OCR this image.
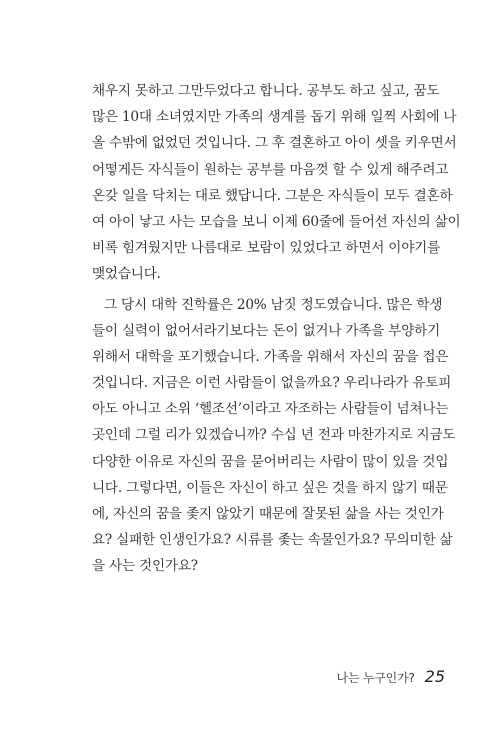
채우지 못하고 그만두었다고 합니다. 공부도 하고 싶고, 꿈도
많은 10대 소녀였지만 가족의 생계를 돕기 위해 일찍 사회에 나
올 수밖에 없었던 것입니다. 그 후 결혼하고 아이 셋을 키우면서
어떻게든 자식들이 원하는 공부를 마음껏 할 수 있게 해주려고
온갖 일을 닥치는 대로 했답니다. 그분은 자식들이 모두 결혼하
여 아이 낳고 사는 모습을 보니 이제 60줄에 들어선 자신의 삶이
비록 힘겨웠지만 나름대로 보람이 있었다고 하면서 이야기를
맺었습니다.
그 당시 대학 진학률은 20% 남짓 정도였습니다. 많은 학생
들이 실력이 없어서라기보다는 돈이 없거나 가족을 부양하기
위해서 대학을 포기했습니다. 가족을 위해서 자신의 꿈을 접은
것입니다. 지금은 이런 사람들이 없을까요? 우리나라가 유토피
아도 아니고 소위 ‘헬조선’이라고 자조하는 사람들이 넘쳐나는
곳인데 그럴 리가 있겠습니까? 수십 년 전과 마찬가지로 지금도
다양한 이유로 자신의 꿈을 묻어버리는 사람이 많이 있을 것입
니다. 그렇다면, 이들은 자신이 하고 싶은 것을 하지 않기 때문
에, 자신의 꿈을 좇지 않았기 때문에 잘못된 삶을 사는 것인가
요? 실패한 인생인가요? 시류를 좇는 속물인가요? 무의미한 삶
을 사는 것인가요?
나는 누구인가? 25
